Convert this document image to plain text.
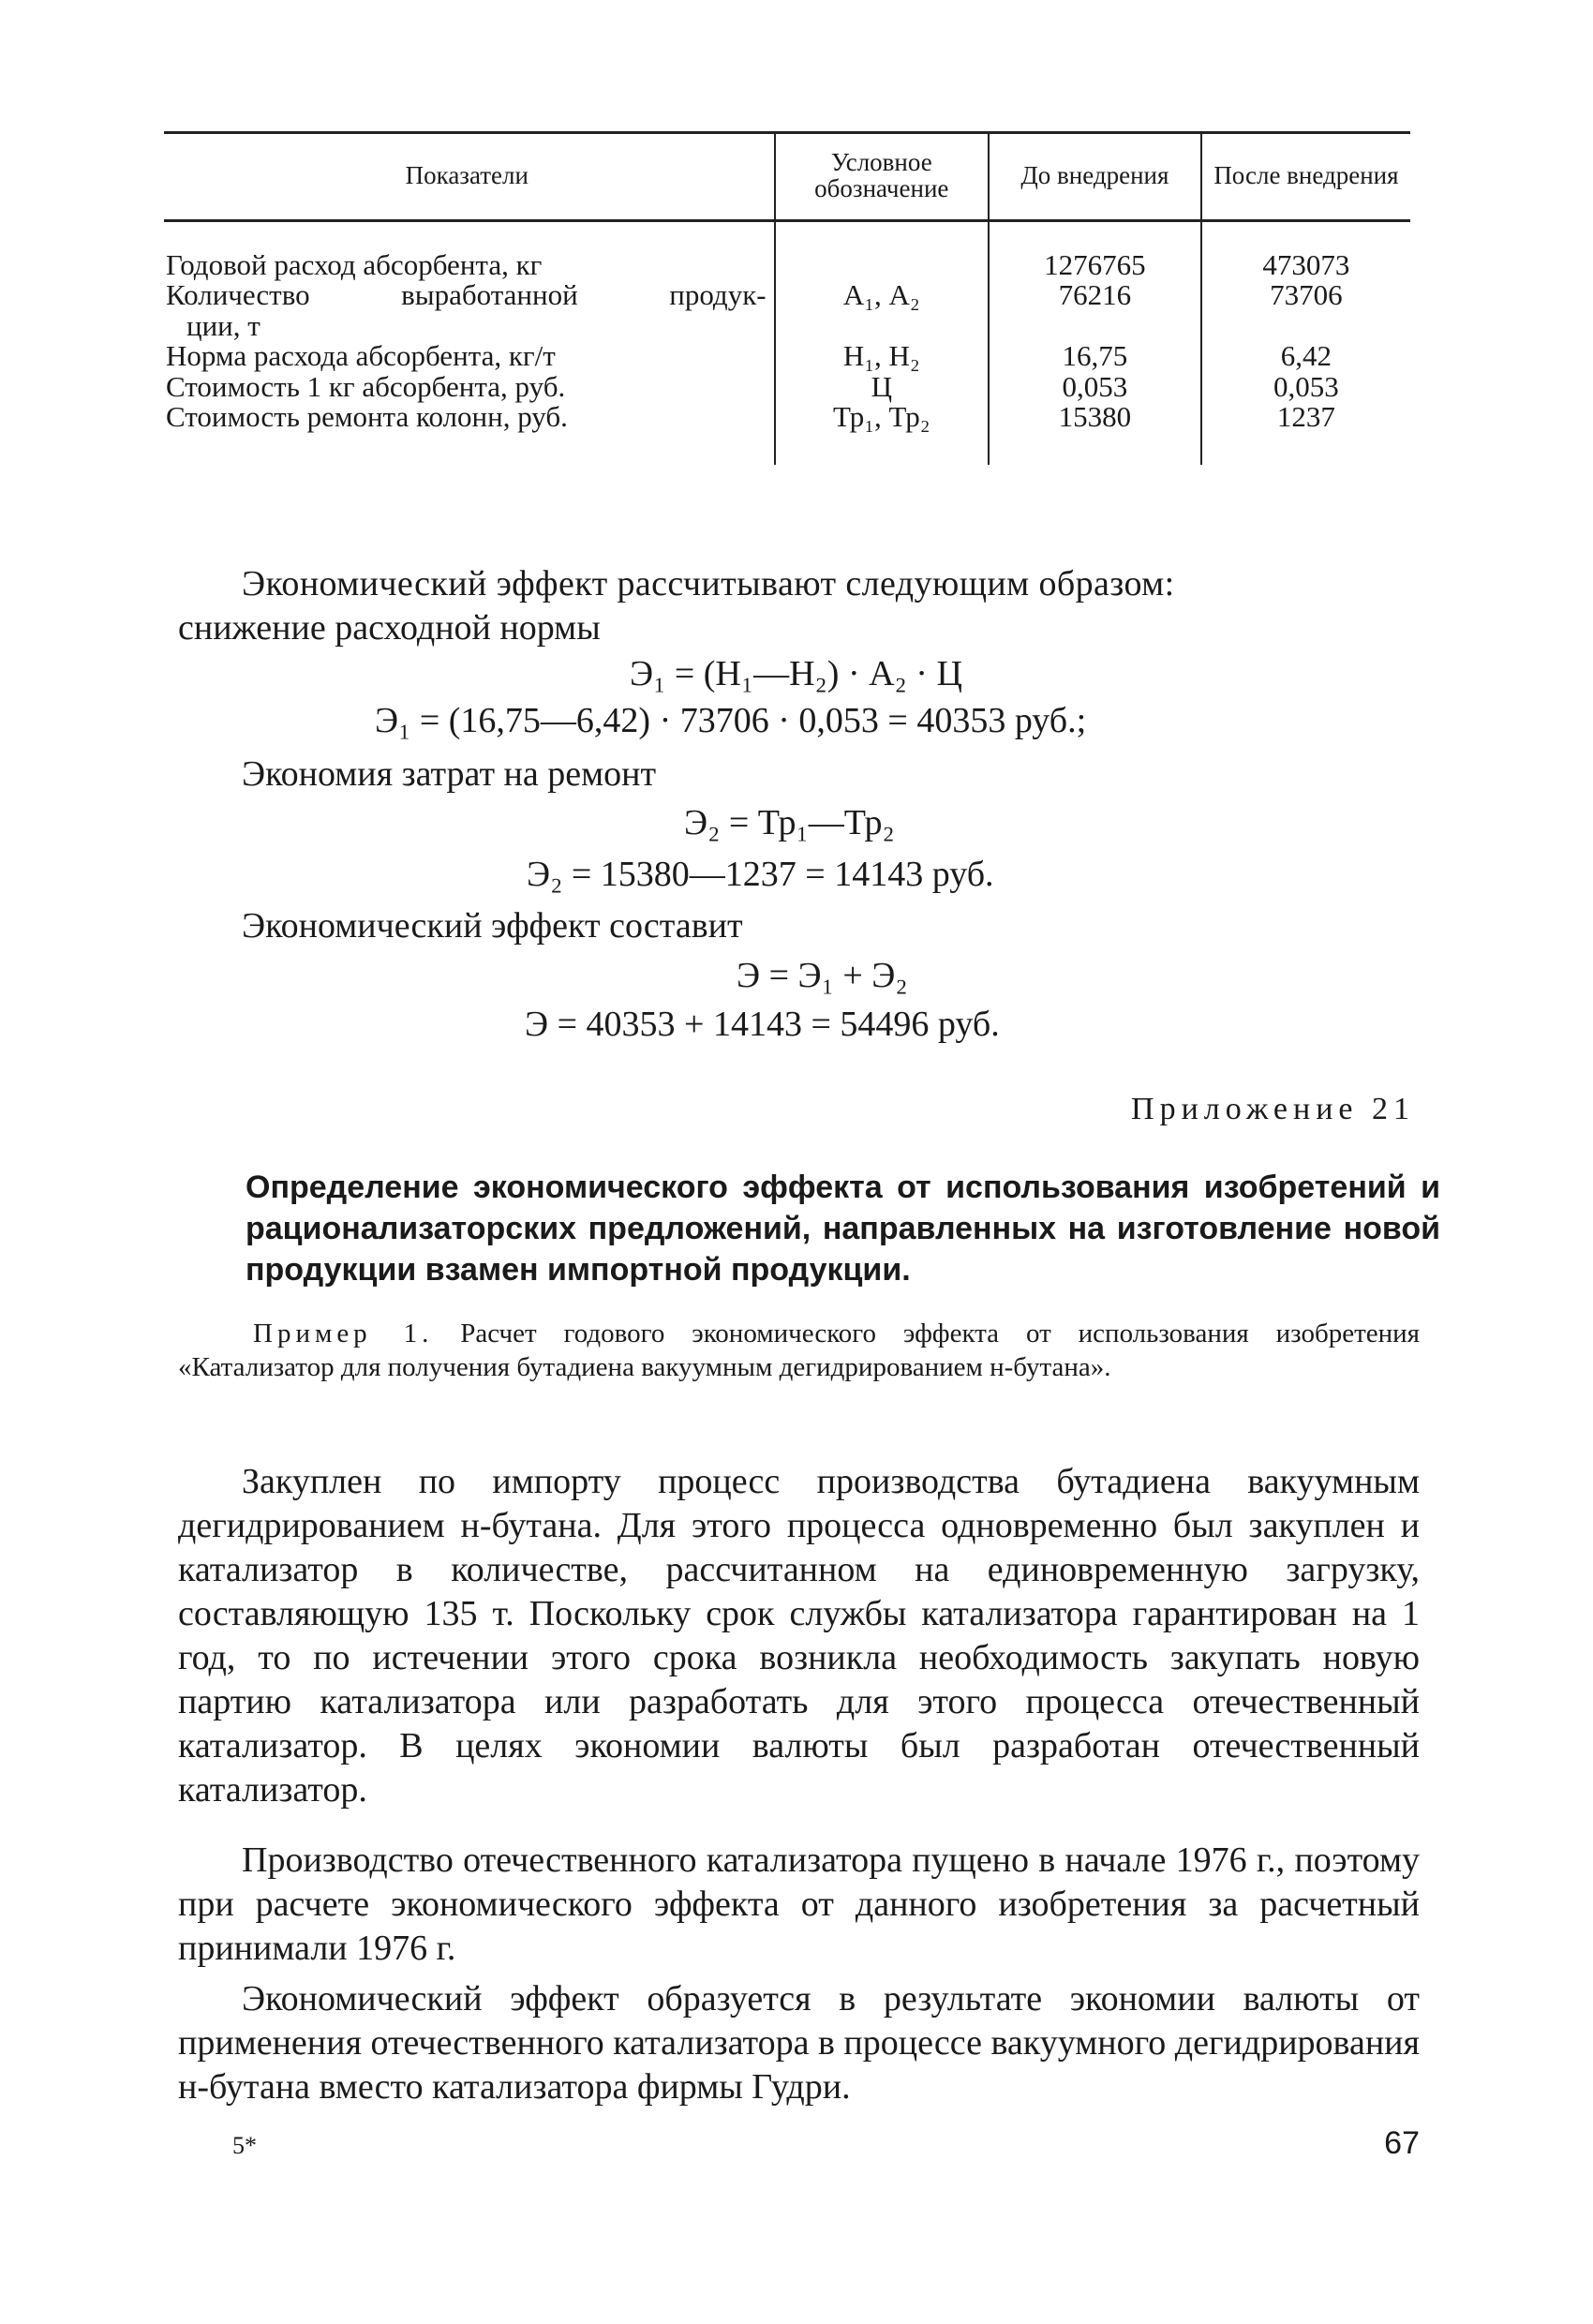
Показатели	Условное обозначение	До внедрения	После внедрения
Годовой расход абсорбента, кг		1276765	473073

Количество выработанной продук-
ции, т	А₁, А₂	76216	73706
Норма расхода абсорбента, кг/т	Н₁, Н₂	16,75	6,42
Стоимость 1 кг абсорбента, руб.	Ц	0,053	0,053
Стоимость ремонта колонн, руб.	Тр₁, Тр₂	15380	1237
Экономический эффект рассчитывают следующим образом:
снижение расходной нормы
Э₁ = (Н₁—Н₂) · А₂ · Ц
Э₁ = (16,75—6,42) · 73706 · 0,053 = 40353 руб.;
Экономия затрат на ремонт
Э₂ = Тр₁—Тр₂
Э₂ = 15380—1237 = 14143 руб.
Экономический эффект составит
Э = Э₁ + Э₂
Э = 40353 + 14143 = 54496 руб.
Приложение 21
Определение экономического эффекта от использования изобретений и рационализаторских предложений, направленных на изготовление новой продукции взамен импортной продукции.
Пример 1. Расчет годового экономического эффекта от использования изобретения «Катализатор для получения бутадиена вакуумным дегидрированием н-бутана».
Закуплен по импорту процесс производства бутадиена вакуумным дегидрированием н-бутана. Для этого процесса одновременно был закуплен и катализатор в количестве, рассчитанном на единовременную загрузку, составляющую 135 т. Поскольку срок службы катализатора гарантирован на 1 год, то по истечении этого срока возникла необходимость закупать новую партию катализатора или разработать для этого процесса отечественный катализатор. В целях экономии валюты был разработан отечественный катализатор.
Производство отечественного катализатора пущено в начале 1976 г., поэтому при расчете экономического эффекта от данного изобретения за расчетный принимали 1976 г.
Экономический эффект образуется в результате экономии валюты от применения отечественного катализатора в процессе вакуумного дегидрирования н-бутана вместо катализатора фирмы Гудри.
5*	67
